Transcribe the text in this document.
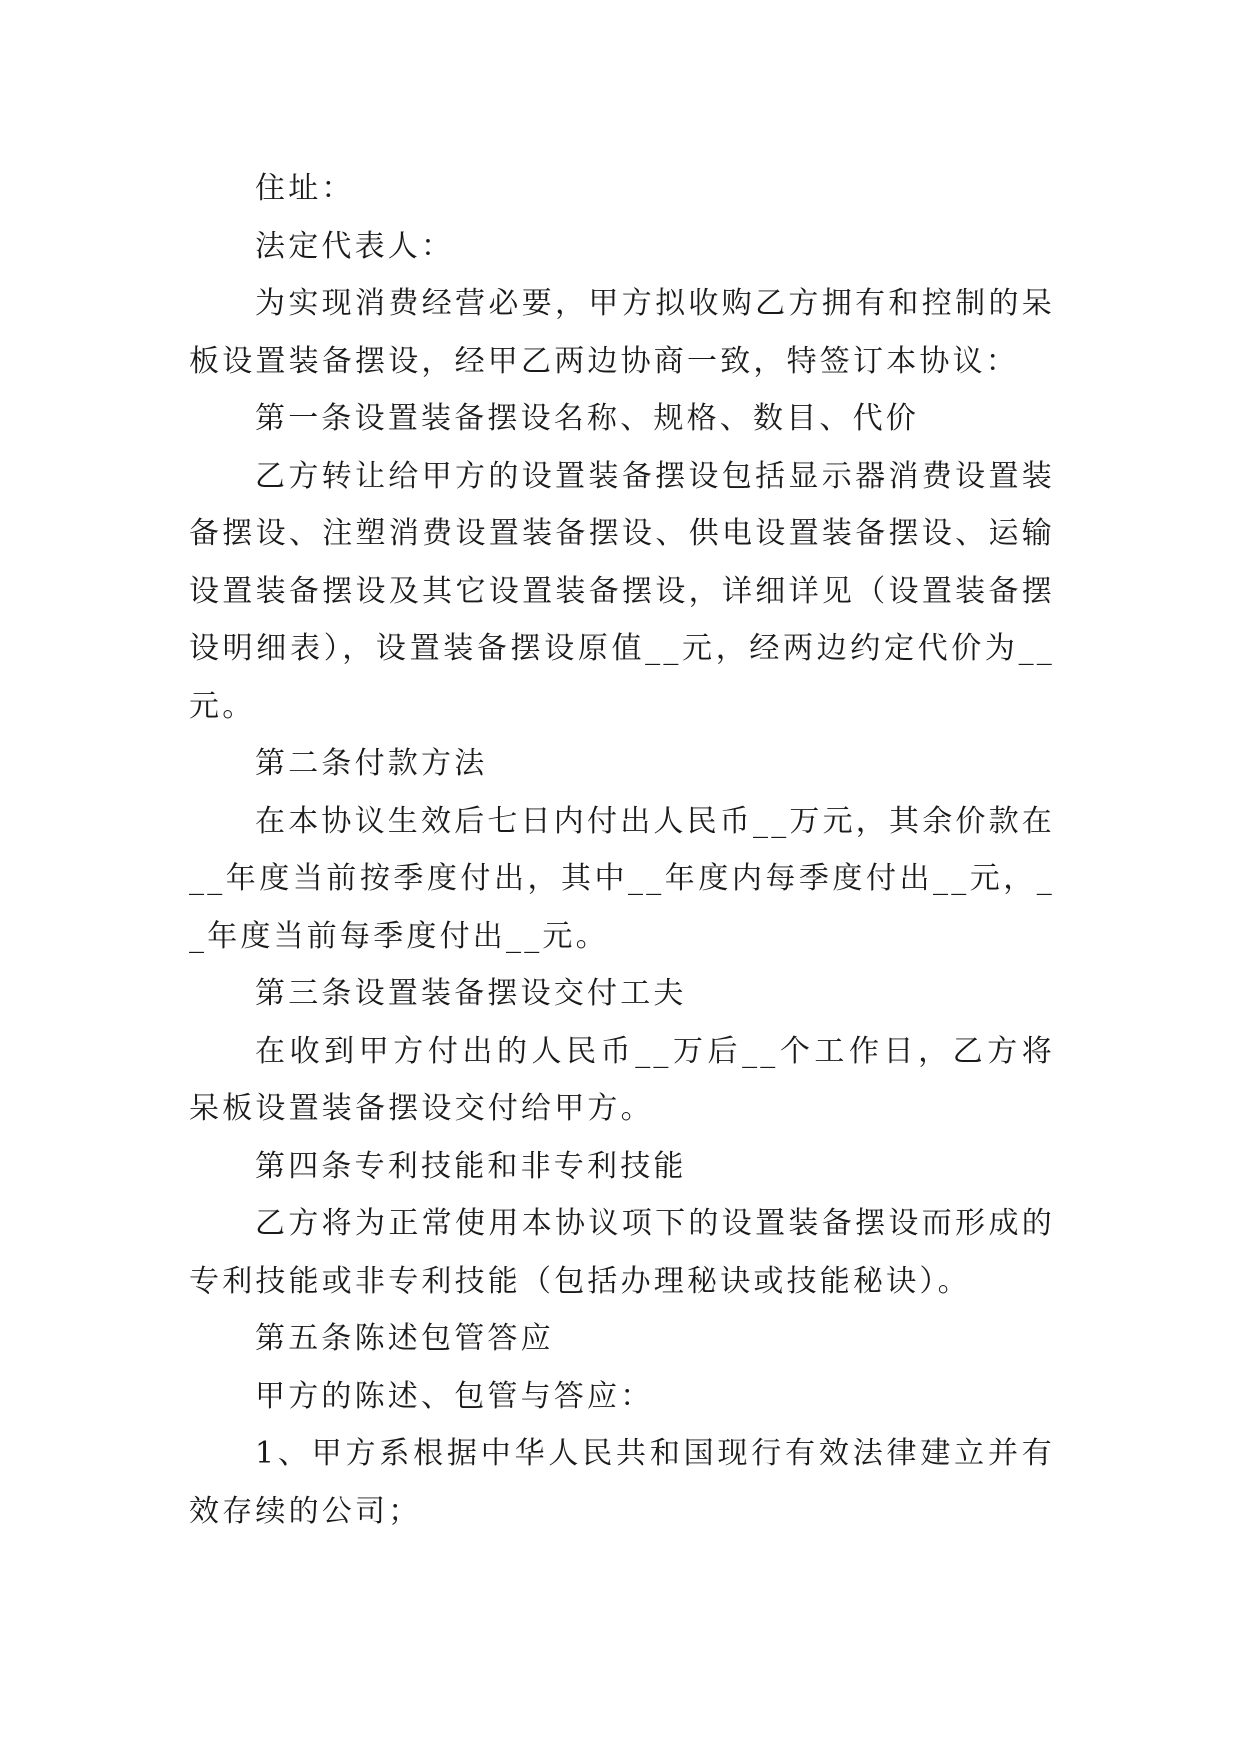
住址：

法定代表人：

为实现消费经营必要，甲方拟收购乙方拥有和控制的呆板设置装备摆设，经甲乙两边协商一致，特签订本协议：

第一条设置装备摆设名称、规格、数目、代价

乙方转让给甲方的设置装备摆设包括显示器消费设置装备摆设、注塑消费设置装备摆设、供电设置装备摆设、运输设置装备摆设及其它设置装备摆设，详细详见（设置装备摆设明细表），设置装备摆设原值__元，经两边约定代价为__元。

第二条付款方法

在本协议生效后七日内付出人民币__万元，其余价款在__年度当前按季度付出，其中__年度内每季度付出__元，__年度当前每季度付出__元。

第三条设置装备摆设交付工夫

在收到甲方付出的人民币__万后__个工作日，乙方将呆板设置装备摆设交付给甲方。

第四条专利技能和非专利技能

乙方将为正常使用本协议项下的设置装备摆设而形成的专利技能或非专利技能（包括办理秘诀或技能秘诀）。

第五条陈述包管答应

甲方的陈述、包管与答应：

1、甲方系根据中华人民共和国现行有效法律建立并有效存续的公司；
